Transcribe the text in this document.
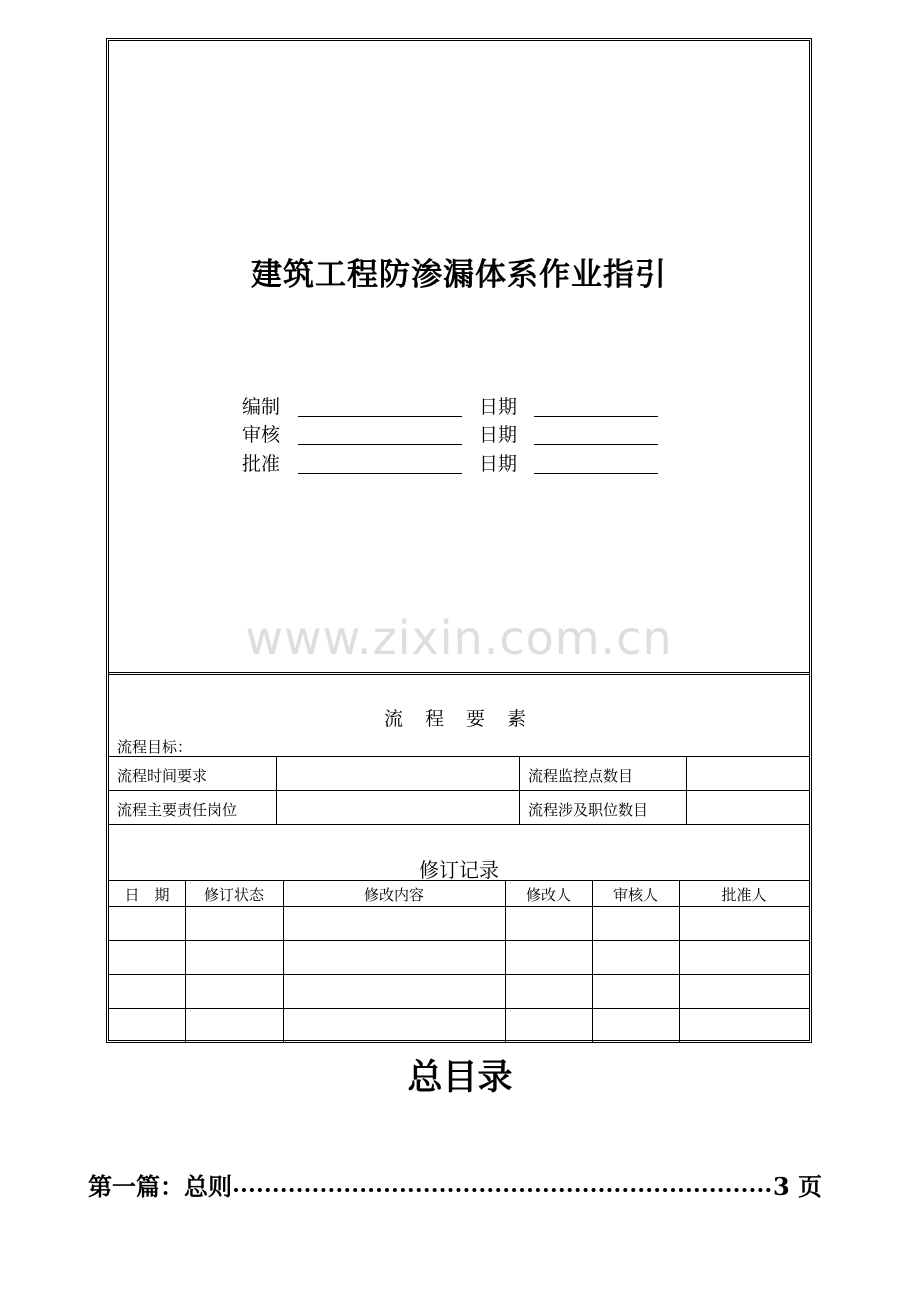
建筑工程防渗漏体系作业指引
编制	日期
审核	日期
批准	日期
www.zixin.com.cn
流 程 要 素
流程目标：
流程时间要求	流程监控点数目
流程主要责任岗位	流程涉及职位数目
修订记录
日　期	修订状态	修改内容	修改人	审核人	批准人
总目录
第一篇：总则	3 页
